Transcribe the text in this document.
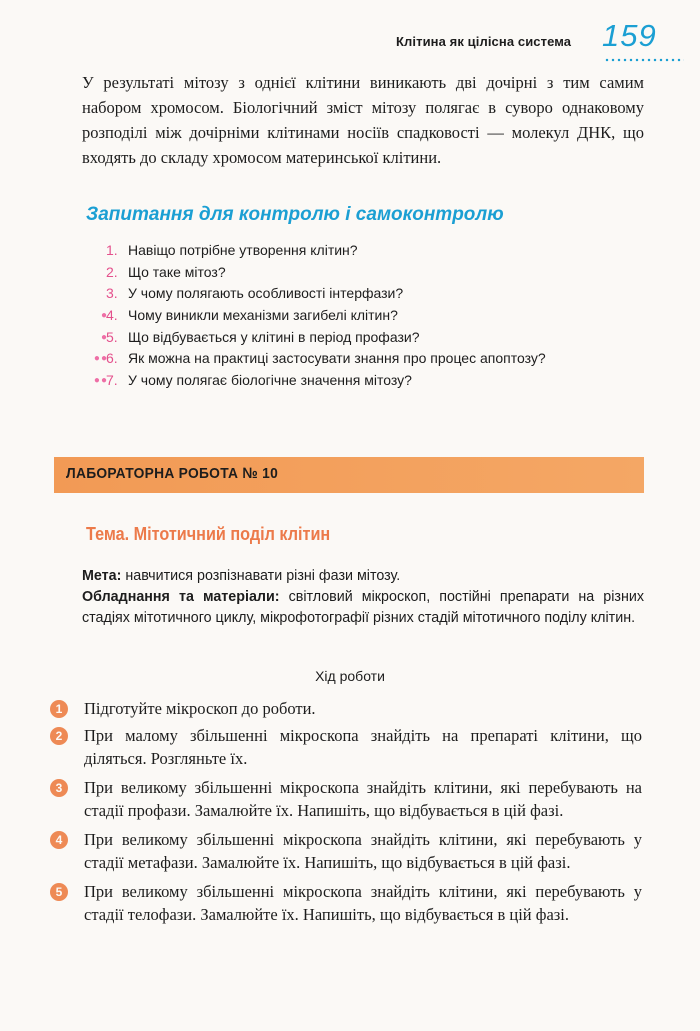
Клітина як цілісна система 159

У результаті мітозу з однієї клітини виникають дві дочірні з тим самим набором хромосом. Біологічний зміст мітозу полягає в суворо однаковому розподілі між дочірніми клітинами носіїв спадковості — молекул ДНК, що входять до складу хромосом материнської клітини.

Запитання для контролю і самоконтролю
1. Навіщо потрібне утворення клітин?
2. Що таке мітоз?
3. У чому полягають особливості інтерфази?
●
4. Чому виникли механізми загибелі клітин?
●
5. Що відбувається у клітині в період профази?
●●
6. Як можна на практиці застосувати знання про процес апоптозу?
●●
7. У чому полягає біологічне значення мітозу?
ЛАБОРАТОРНА РОБОТА № 10
Тема. Мітотичний поділ клітин
Мета: навчитися розпізнавати різні фази мітозу.
Обладнання та матеріали: світловий мікроскоп, постійні препарати на різних стадіях мітотичного циклу, мікрофотографії різних стадій мітотичного поділу клітин.
Хід роботи
1	Підготуйте мікроскоп до роботи.
2	При малому збільшенні мікроскопа знайдіть на препараті клітини, що діляться. Розгляньте їх.
3	При великому збільшенні мікроскопа знайдіть клітини, які перебувають на стадії профази. Замалюйте їх. Напишіть, що відбувається в цій фазі.
4	При великому збільшенні мікроскопа знайдіть клітини, які перебувають у стадії метафази. Замалюйте їх. Напишіть, що відбувається в цій фазі.
5	При великому збільшенні мікроскопа знайдіть клітини, які перебувають у стадії телофази. Замалюйте їх. Напишіть, що відбувається в цій фазі.
